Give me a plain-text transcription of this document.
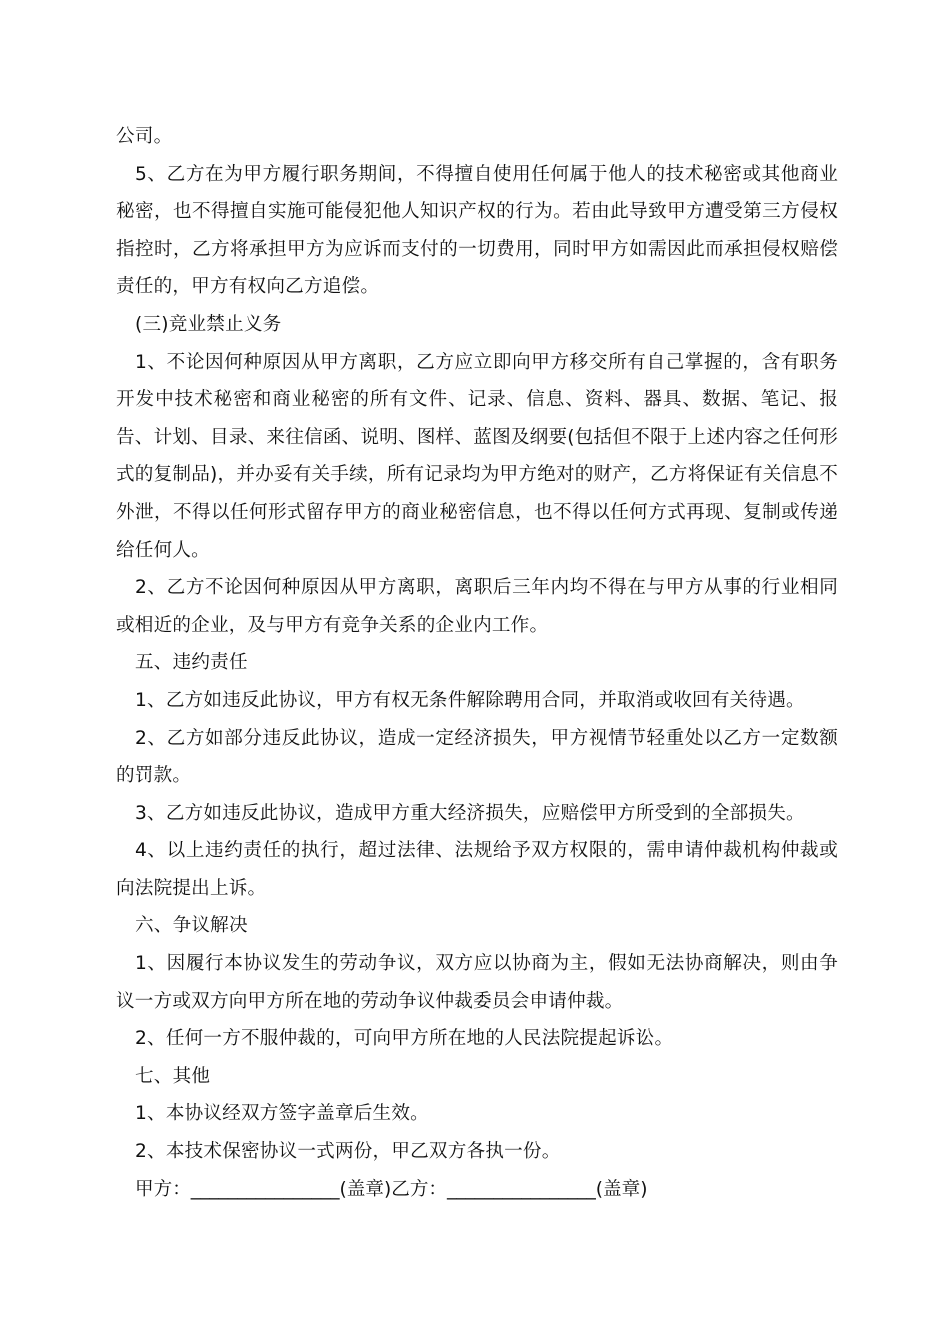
公司。

5、乙方在为甲方履行职务期间，不得擅自使用任何属于他人的技术秘密或其他商业秘密，也不得擅自实施可能侵犯他人知识产权的行为。若由此导致甲方遭受第三方侵权指控时，乙方将承担甲方为应诉而支付的一切费用，同时甲方如需因此而承担侵权赔偿责任的，甲方有权向乙方追偿。

(三)竞业禁止义务

1、不论因何种原因从甲方离职，乙方应立即向甲方移交所有自己掌握的，含有职务开发中技术秘密和商业秘密的所有文件、记录、信息、资料、器具、数据、笔记、报告、计划、目录、来往信函、说明、图样、蓝图及纲要(包括但不限于上述内容之任何形式的复制品)，并办妥有关手续，所有记录均为甲方绝对的财产，乙方将保证有关信息不外泄，不得以任何形式留存甲方的商业秘密信息，也不得以任何方式再现、复制或传递给任何人。

2、乙方不论因何种原因从甲方离职，离职后三年内均不得在与甲方从事的行业相同或相近的企业，及与甲方有竞争关系的企业内工作。

五、违约责任

1、乙方如违反此协议，甲方有权无条件解除聘用合同，并取消或收回有关待遇。

2、乙方如部分违反此协议，造成一定经济损失，甲方视情节轻重处以乙方一定数额的罚款。

3、乙方如违反此协议，造成甲方重大经济损失，应赔偿甲方所受到的全部损失。

4、以上违约责任的执行，超过法律、法规给予双方权限的，需申请仲裁机构仲裁或向法院提出上诉。

六、争议解决

1、因履行本协议发生的劳动争议，双方应以协商为主，假如无法协商解决，则由争议一方或双方向甲方所在地的劳动争议仲裁委员会申请仲裁。

2、任何一方不服仲裁的，可向甲方所在地的人民法院提起诉讼。

七、其他

1、本协议经双方签字盖章后生效。

2、本技术保密协议一式两份，甲乙双方各执一份。

甲方：________________(盖章)乙方：________________(盖章)
